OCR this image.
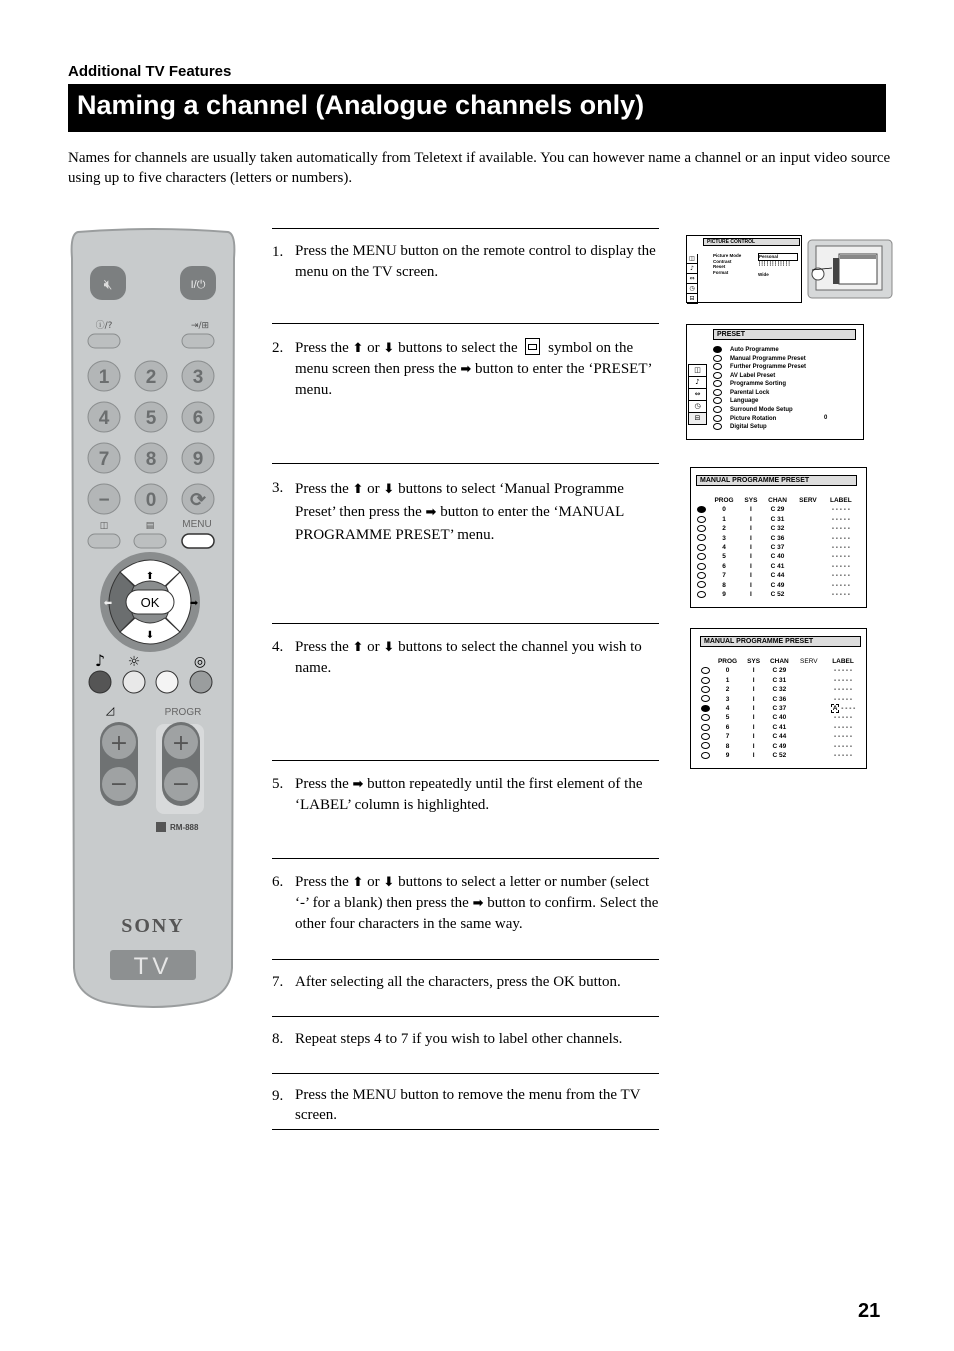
Additional TV Features
Naming a channel (Analogue channels only)
Names for channels are usually taken automatically from Teletext if available. You can however name a channel or an input video source using up to five characters (letters or numbers).
🔇︎	I/⏻
ⓘ/?	⇥/⊞
1 2 3
4 5 6
7 8 9
− 0 ⟳
◫	▤	MENU
⬆
⬇
➡
⬅ OK
♪ ☼	◎
◿	PROGR
+
−
+
−
RM-888
SONY
TV
1. Press the MENU button on the remote control to display the menu on the TV screen.
2. Press the ⬆ or ⬇ buttons to select the  symbol on the menu screen then press the ➡ button to enter the ‘PRESET’ menu.
3. Press the ⬆ or ⬇ buttons to select ‘Manual Programme Preset’ then press the ➡ button to enter the ‘MANUAL PROGRAMME PRESET’ menu.
4. Press the ⬆ or ⬇ buttons to select the channel you wish to name.
5. Press the ➡ button repeatedly until the first element of the ‘LABEL’ column is highlighted.
6. Press the ⬆ or ⬇ buttons to select a letter or number (select ‘-’ for a blank) then press the ➡ button to confirm. Select the other four characters in the same way.
7. After selecting all the characters, press the OK button.
8. Repeat steps 4 to 7 if you wish to label other channels.
9. Press the MENU button to remove the menu from the TV screen.
PICTURE CONTROL
◫
♪
⇔
◷
⊟
Picture Mode
Contrast
Reset
Format
Personal
┆┆┆┆┆┆┆┆┆┆┆┆
Wide
PRESET
◫
♪
⇔
◷
⊟
Auto Programme
Manual Programme Preset
Further Programme Preset
AV Label Preset
Programme Sorting
Parental Lock
Language
Surround Mode Setup
Picture Rotation
Digital Setup
0
MANUAL PROGRAMME PRESET
	PROG	SYS	CHAN	SERV	LABEL
	0	I	C 29		- - - - -
	1	I	C 31		- - - - -
	2	I	C 32		- - - - -
	3	I	C 36		- - - - -
	4	I	C 37		- - - - -
	5	I	C 40		- - - - -
	6	I	C 41		- - - - -
	7	I	C 44		- - - - -
	8	I	C 49		- - - - -
	9	I	C 52		- - - - -
MANUAL PROGRAMME PRESET
	PROG	SYS	CHAN	SERV	LABEL
	0	I	C 29		- - - - -
	1	I	C 31		- - - - -
	2	I	C 32		- - - - -
	3	I	C 36		- - - - -
	4	I	C 37		A - - - -
	5	I	C 40		- - - - -
	6	I	C 41		- - - - -
	7	I	C 44		- - - - -
	8	I	C 49		- - - - -
	9	I	C 52		- - - - -
21
